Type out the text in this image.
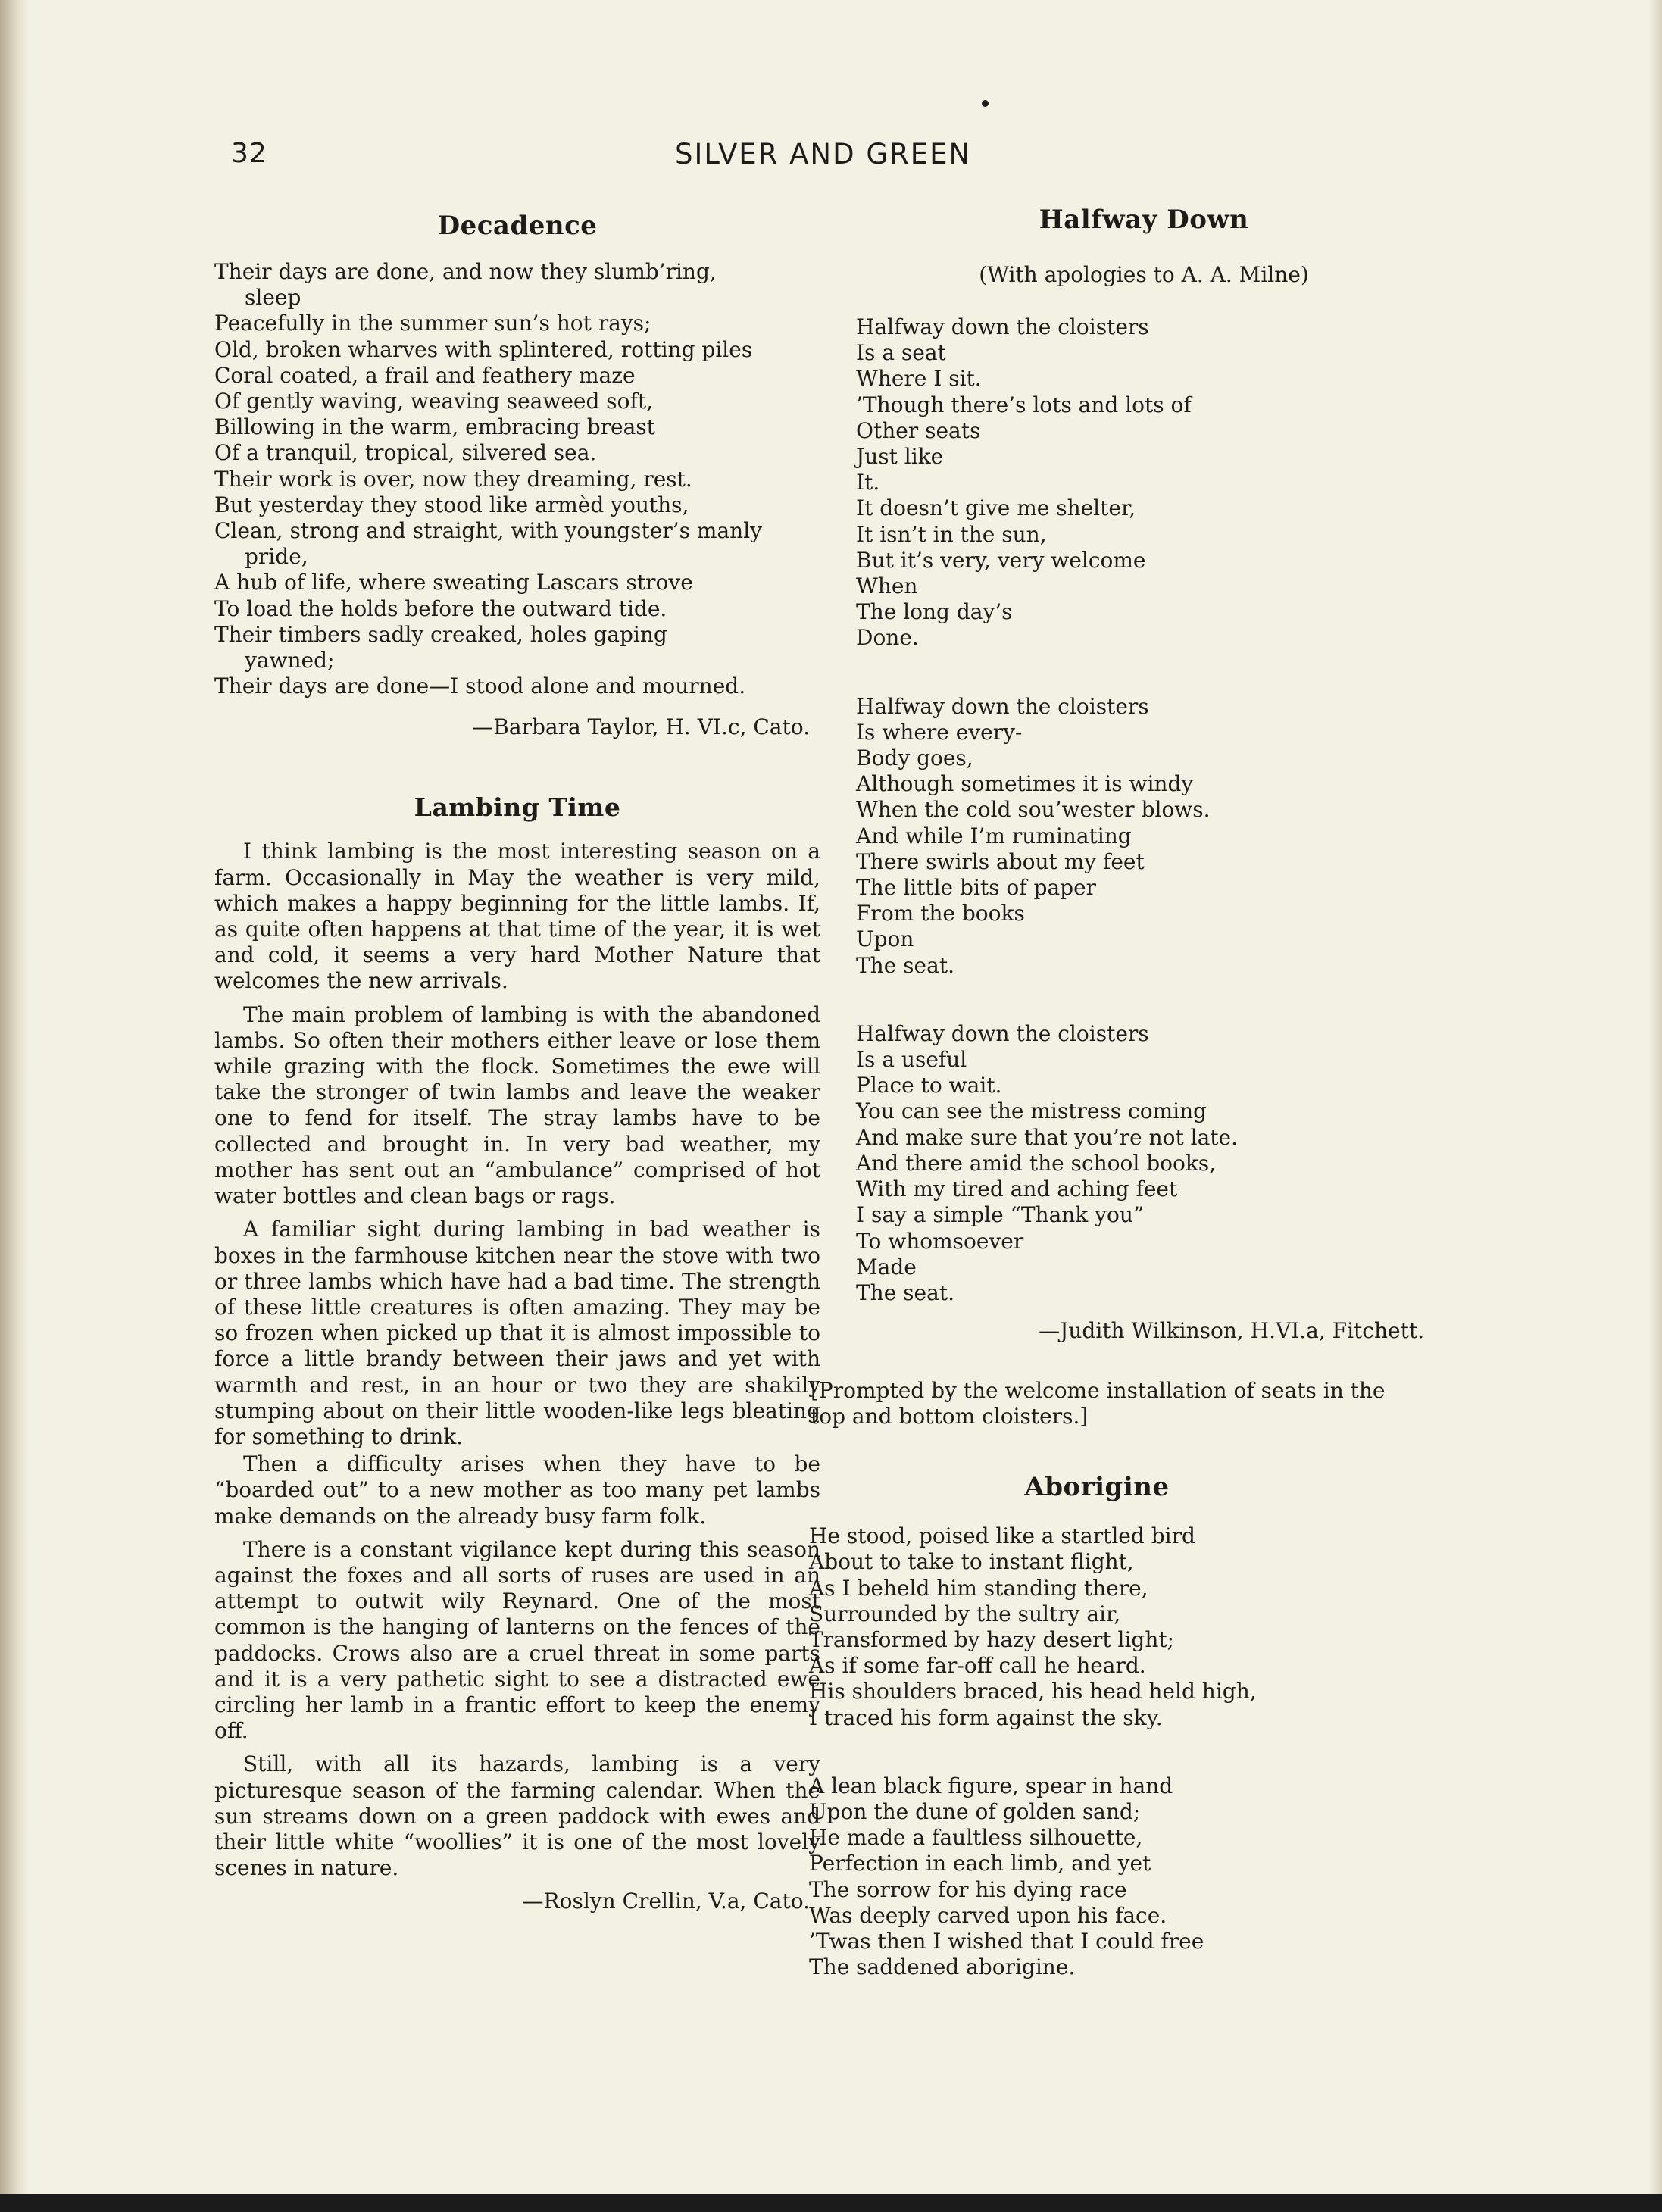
32	SILVER AND GREEN
Decadence
Their days are done, and now they slumb’ring,
sleep
Peacefully in the summer sun’s hot rays;
Old, broken wharves with splintered, rotting piles
Coral coated, a frail and feathery maze
Of gently waving, weaving seaweed soft,
Billowing in the warm, embracing breast
Of a tranquil, tropical, silvered sea.
Their work is over, now they dreaming, rest.
But yesterday they stood like armèd youths,
Clean, strong and straight, with youngster’s manly
pride,
A hub of life, where sweating Lascars strove
To load the holds before the outward tide.
Their timbers sadly creaked, holes gaping
yawned;
Their days are done—I stood alone and mourned.
—Barbara Taylor, H. VI.c, Cato.
Lambing Time

I think lambing is the most interesting season on a farm. Occasionally in May the weather is very mild, which makes a happy beginning for the little lambs. If, as quite often happens at that time of the year, it is wet and cold, it seems a very hard Mother Nature that welcomes the new arrivals.

The main problem of lambing is with the abandoned lambs. So often their mothers either leave or lose them while grazing with the flock. Sometimes the ewe will take the stronger of twin lambs and leave the weaker one to fend for itself. The stray lambs have to be collected and brought in. In very bad weather, my mother has sent out an “ambulance” comprised of hot water bottles and clean bags or rags.

A familiar sight during lambing in bad weather is boxes in the farmhouse kitchen near the stove with two or three lambs which have had a bad time. The strength of these little creatures is often amazing. They may be so frozen when picked up that it is almost impossible to force a little brandy between their jaws and yet with warmth and rest, in an hour or two they are shakily stumping about on their little wooden-like legs bleating for something to drink.

Then a difficulty arises when they have to be “boarded out” to a new mother as too many pet lambs make demands on the already busy farm folk.

There is a constant vigilance kept during this season against the foxes and all sorts of ruses are used in an attempt to outwit wily Reynard. One of the most common is the hanging of lanterns on the fences of the paddocks. Crows also are a cruel threat in some parts and it is a very pathetic sight to see a distracted ewe circling her lamb in a frantic effort to keep the enemy off.

Still, with all its hazards, lambing is a very picturesque season of the farming calendar. When the sun streams down on a green paddock with ewes and their little white “woollies” it is one of the most lovely scenes in nature.

—Roslyn Crellin, V.a, Cato.
Halfway Down
(With apologies to A. A. Milne)
Halfway down the cloisters
Is a seat
Where I sit.
’Though there’s lots and lots of
Other seats
Just like
It.
It doesn’t give me shelter,
It isn’t in the sun,
But it’s very, very welcome
When
The long day’s
Done.
Halfway down the cloisters
Is where every-
Body goes,
Although sometimes it is windy
When the cold sou’wester blows.
And while I’m ruminating
There swirls about my feet
The little bits of paper
From the books
Upon
The seat.
Halfway down the cloisters
Is a useful
Place to wait.
You can see the mistress coming
And make sure that you’re not late.
And there amid the school books,
With my tired and aching feet
I say a simple “Thank you”
To whomsoever
Made
The seat.
—Judith Wilkinson, H.VI.a, Fitchett.
[Prompted by the welcome installation of seats in the top and bottom cloisters.]
Aborigine
He stood, poised like a startled bird
About to take to instant flight,
As I beheld him standing there,
Surrounded by the sultry air,
Transformed by hazy desert light;
As if some far-off call he heard.
His shoulders braced, his head held high,
I traced his form against the sky.
A lean black figure, spear in hand
Upon the dune of golden sand;
He made a faultless silhouette,
Perfection in each limb, and yet
The sorrow for his dying race
Was deeply carved upon his face.
’Twas then I wished that I could free
The saddened aborigine.
